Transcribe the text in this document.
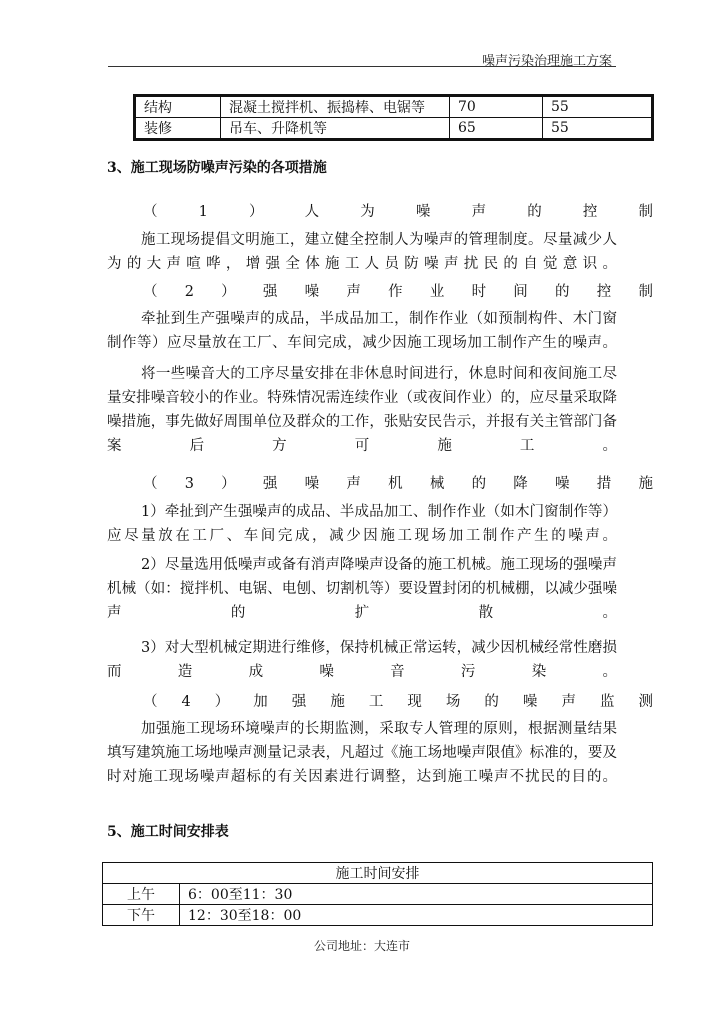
噪声污染治理施工方案
结构	混凝土搅拌机、振捣棒、电锯等	70	55
装修	吊车、升降机等	65	55
3、施工现场防噪声污染的各项措施
（1）人为噪声的控制
施工现场提倡文明施工，建立健全控制人为噪声的管理制度。尽量减少人为的大声喧哗，增强全体施工人员防噪声扰民的自觉意识。
（2）强噪声作业时间的控制
牵扯到生产强噪声的成品，半成品加工，制作作业（如预制构件、木门窗制作等）应尽量放在工厂、车间完成，减少因施工现场加工制作产生的噪声。
将一些噪音大的工序尽量安排在非休息时间进行，休息时间和夜间施工尽量安排噪音较小的作业。特殊情况需连续作业（或夜间作业）的，应尽量采取降噪措施，事先做好周围单位及群众的工作，张贴安民告示，并报有关主管部门备案后方可施工。
（3）强噪声机械的降噪措施
1）牵扯到产生强噪声的成品、半成品加工、制作作业（如木门窗制作等）应尽量放在工厂、车间完成，减少因施工现场加工制作产生的噪声。
2）尽量选用低噪声或备有消声降噪声设备的施工机械。施工现场的强噪声机械（如：搅拌机、电锯、电刨、切割机等）要设置封闭的机械棚，以减少强噪声的扩散。
3）对大型机械定期进行维修，保持机械正常运转，减少因机械经常性磨损而造成噪音污染。
（4）加强施工现场的噪声监测
加强施工现场环境噪声的长期监测，采取专人管理的原则，根据测量结果填写建筑施工场地噪声测量记录表，凡超过《施工场地噪声限值》标准的，要及时对施工现场噪声超标的有关因素进行调整，达到施工噪声不扰民的目的。
5、施工时间安排表
施工时间安排	
上午	6：00至11：30
下午	12：30至18：00
公司地址：大连市
